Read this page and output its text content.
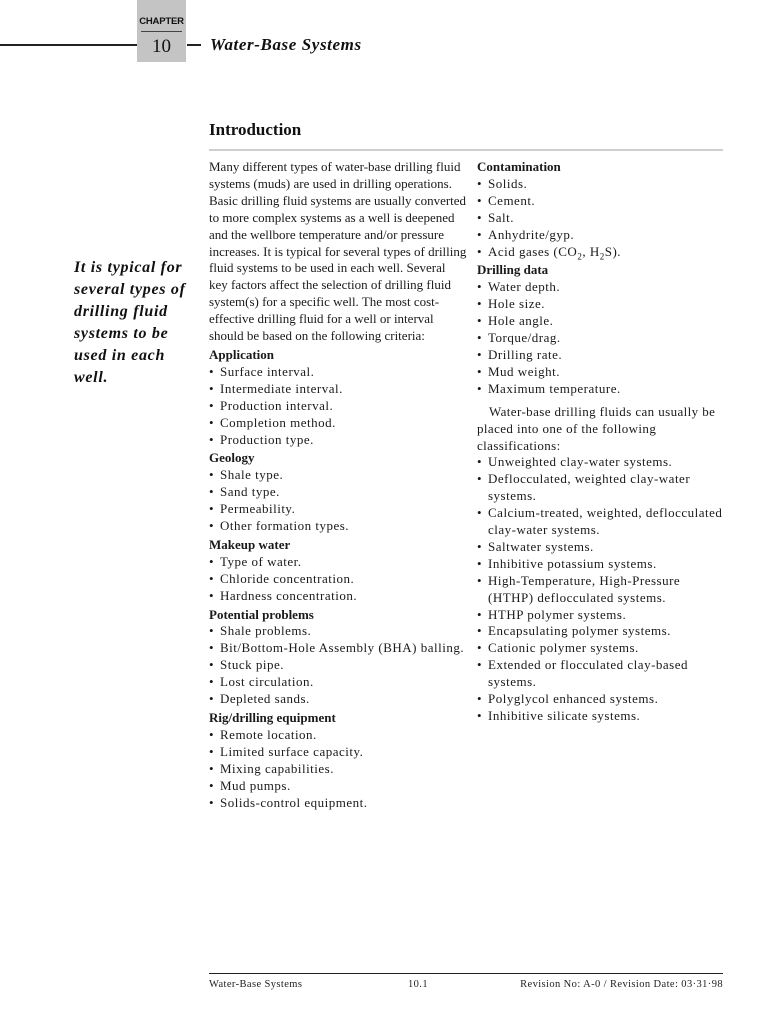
CHAPTER
10	Water-Base Systems
Introduction
It is typical for several types of drilling fluid systems to be used in each well.

Many different types of water-base drilling fluid systems (muds) are used in drilling operations. Basic drilling fluid systems are usually converted to more complex systems as a well is deepened and the wellbore temperature and/or pressure increases. It is typical for several types of drilling fluid systems to be used in each well. Several key factors affect the selection of drilling fluid system(s) for a specific well. The most cost-effective drilling fluid for a well or interval should be based on the following criteria:

Application
• Surface interval.
• Intermediate interval.
• Production interval.
• Completion method.
• Production type.
Geology
• Shale type.
• Sand type.
• Permeability.
• Other formation types.
Makeup water
• Type of water.
• Chloride concentration.
• Hardness concentration.
Potential problems
• Shale problems.
• Bit/Bottom-Hole Assembly (BHA) balling.
• Stuck pipe.
• Lost circulation.
• Depleted sands.
Rig/drilling equipment
• Remote location.
• Limited surface capacity.
• Mixing capabilities.
• Mud pumps.
• Solids-control equipment.
Contamination
• Solids.
• Cement.
• Salt.
• Anhydrite/gyp.
• Acid gases ($CO_2$, $H_2S$).
Drilling data
• Water depth.
• Hole size.
• Hole angle.
• Torque/drag.
• Drilling rate.
• Mud weight.
• Maximum temperature.

Water-base drilling fluids can usually be placed into one of the following classifications:

• Unweighted clay-water systems.
• Deflocculated, weighted clay-water systems.
• Calcium-treated, weighted, deflocculated clay-water systems.
• Saltwater systems.
• Inhibitive potassium systems.
• High-Temperature, High-Pressure (HTHP) deflocculated systems.
• HTHP polymer systems.
• Encapsulating polymer systems.
• Cationic polymer systems.
• Extended or flocculated clay-based systems.
• Polyglycol enhanced systems.
• Inhibitive silicate systems.
Water-Base Systems	10.1	Revision No: A-0 / Revision Date: 03·31·98
